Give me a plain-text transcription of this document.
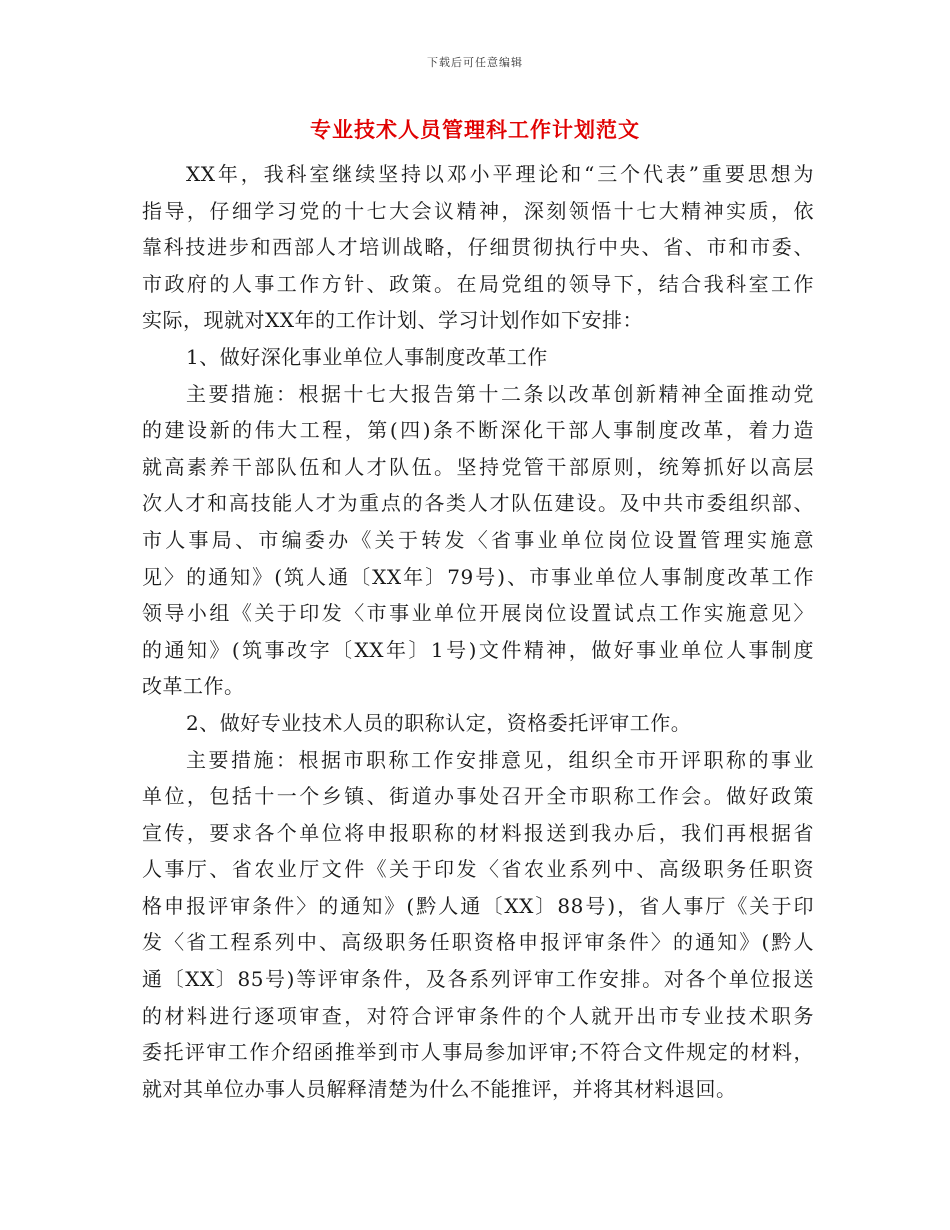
下载后可任意编辑
专业技术人员管理科工作计划范文
XX年，我科室继续坚持以邓小平理论和“三个代表”重要思想为
指导，仔细学习党的十七大会议精神，深刻领悟十七大精神实质，依
靠科技进步和西部人才培训战略，仔细贯彻执行中央、省、市和市委、
市政府的人事工作方针、政策。在局党组的领导下，结合我科室工作
实际，现就对XX年的工作计划、学习计划作如下安排：
1、做好深化事业单位人事制度改革工作
主要措施：根据十七大报告第十二条以改革创新精神全面推动党
的建设新的伟大工程，第(四)条不断深化干部人事制度改革，着力造
就高素养干部队伍和人才队伍。坚持党管干部原则，统筹抓好以高层
次人才和高技能人才为重点的各类人才队伍建设。及中共市委组织部、
市人事局、市编委办《关于转发〈省事业单位岗位设置管理实施意
见〉的通知》(筑人通〔XX年〕79号)、市事业单位人事制度改革工作
领导小组《关于印发〈市事业单位开展岗位设置试点工作实施意见〉
的通知》(筑事改字〔XX年〕1号)文件精神，做好事业单位人事制度
改革工作。
2、做好专业技术人员的职称认定，资格委托评审工作。
主要措施：根据市职称工作安排意见，组织全市开评职称的事业
单位，包括十一个乡镇、街道办事处召开全市职称工作会。做好政策
宣传，要求各个单位将申报职称的材料报送到我办后，我们再根据省
人事厅、省农业厅文件《关于印发〈省农业系列中、高级职务任职资
格申报评审条件〉的通知》(黔人通〔XX〕88号)，省人事厅《关于印
发〈省工程系列中、高级职务任职资格申报评审条件〉的通知》(黔人
通〔XX〕85号)等评审条件，及各系列评审工作安排。对各个单位报送
的材料进行逐项审查，对符合评审条件的个人就开出市专业技术职务
委托评审工作介绍函推举到市人事局参加评审;不符合文件规定的材料，
就对其单位办事人员解释清楚为什么不能推评，并将其材料退回。
